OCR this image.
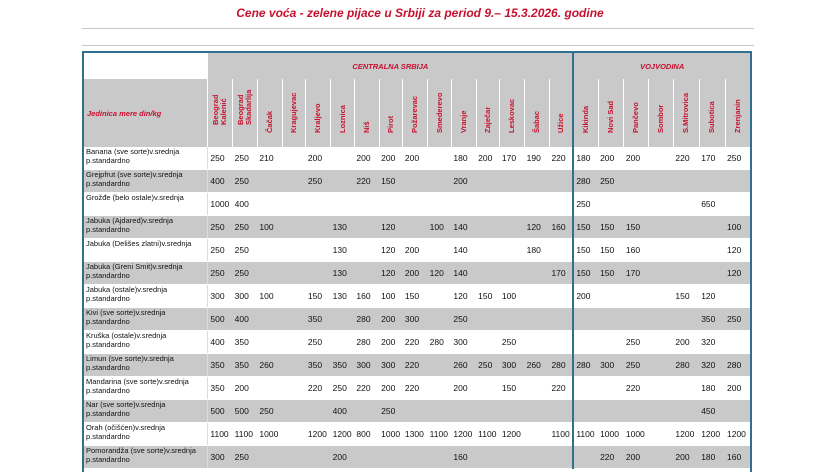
Cene voća - zelene pijace u Srbiji za period 9.– 15.3.2026. godine
	CENTRALNA SRBIJA															VOJVODINA						
Jedinica mere din/kg	Beograd Kalenić	Beograd Skadarlija	Čačak	Kragujevac	Kraljevo	Loznica	Niš	Pirot	Požarevac	Smederevo	Vranje	Zaječar	Leskovac	Šabac	Užice	Kikinda	Novi Sad	Pančevo	Sombor	S.Mitrovica	Subotica	Zrenjanin

Banana (sve sorte)v.srednja p.standardno	250	250	210		200		200	200	200		180	200	170	190	220	180	200	200		220	170	250
Grejpfrut (sve sorte)v.srednja p.standardno	400	250			250		220	150			200					280	250					
Grožđe (belo ostale)v.srednja	1000	400														250					650	
Jabuka (Ajdared)v.srednja p.standardno	250	250	100			130		120		100	140			120	160	150	150	150				100
Jabuka (Delišes zlatni)v.srednja	250	250				130		120	200		140			180		150	150	160				120
Jabuka (Greni Smit)v.srednja p.standardno	250	250				130		120	200	120	140				170	150	150	170				120
Jabuka (ostale)v.srednja p.standardno	300	300	100		150	130	160	100	150		120	150	100			200				150	120	
Kivi (sve sorte)v.srednja p.standardno	500	400			350		280	200	300		250										350	250
Kruška (ostale)v.srednja p.standardno	400	350			250		280	200	220	280	300		250					250		200	320	
Limun (sve sorte)v.srednja p.standardno	350	350	260		350	350	300	300	220		260	250	300	260	280	280	300	250		280	320	280
Mandarina (sve sorte)v.srednja p.standardno	350	200			220	250	220	200	220		200		150		220			220			180	200
Nar (sve sorte)v.srednja p.standardno	500	500	250			400		250													450	
Orah (očišćen)v.srednja p.standardno	1100	1100	1000		1200	1200	800	1000	1300	1100	1200	1100	1200		1100	1100	1000	1000		1200	1200	1200
Pomorandža (sve sorte)v.srednja p.standardno	300	250				200					160						220	200		200	180	160
